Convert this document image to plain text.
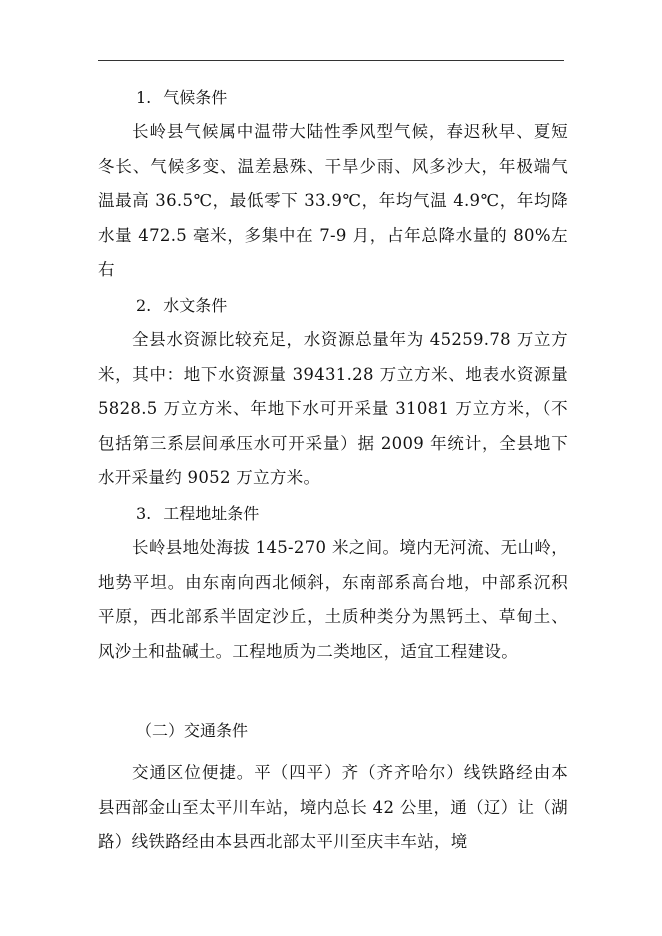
1. 气候条件

长岭县气候属中温带大陆性季风型气候，春迟秋早、夏短冬长、气候多变、温差悬殊、干旱少雨、风多沙大，年极端气温最高 36.5℃，最低零下 33.9℃，年均气温 4.9℃，年均降水量 472.5 毫米，多集中在 7-9 月，占年总降水量的 80%左右

2. 水文条件

全县水资源比较充足，水资源总量年为 45259.78 万立方米，其中：地下水资源量 39431.28 万立方米、地表水资源量 5828.5 万立方米、年地下水可开采量 31081 万立方米，（不包括第三系层间承压水可开采量）据 2009 年统计，全县地下水开采量约 9052 万立方米。

3. 工程地址条件

长岭县地处海拔 145-270 米之间。境内无河流、无山岭，地势平坦。由东南向西北倾斜，东南部系高台地，中部系沉积平原，西北部系半固定沙丘，土质种类分为黑钙土、草甸土、风沙土和盐碱土。工程地质为二类地区，适宜工程建设。

（二）交通条件

交通区位便捷。平（四平）齐（齐齐哈尔）线铁路经由本县西部金山至太平川车站，境内总长 42 公里，通（辽）让（湖路）线铁路经由本县西北部太平川至庆丰车站，境
